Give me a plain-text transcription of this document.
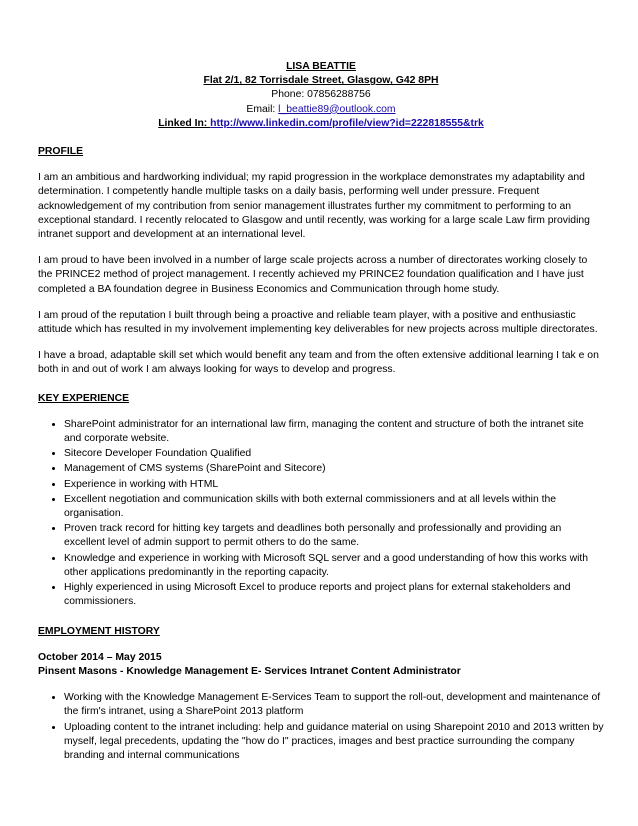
LISA BEATTIE
Flat 2/1, 82 Torrisdale Street, Glasgow, G42 8PH
Phone: 07856288756
Email: l_beattie89@outlook.com
Linked In: http://www.linkedin.com/profile/view?id=222818555&trk

PROFILE

I am an ambitious and hardworking individual; my rapid progression in the workplace demonstrates my adaptability and determination. I competently handle multiple tasks on a daily basis, performing well under pressure. Frequent acknowledgement of my contribution from senior management illustrates further my commitment to performing to an exceptional standard. I recently relocated to Glasgow and until recently, was working for a large scale Law firm providing intranet support and development at an international level.

I am proud to have been involved in a number of large scale projects across a number of directorates working closely to the PRINCE2 method of project management. I recently achieved my PRINCE2 foundation qualification and I have just completed a BA foundation degree in Business Economics and Communication through home study.

I am proud of the reputation I built through being a proactive and reliable team player, with a positive and enthusiastic attitude which has resulted in my involvement implementing key deliverables for new projects across multiple directorates.

I have a broad, adaptable skill set which would benefit any team and from the often extensive additional learning I tak e on both in and out of work I am always looking for ways to develop and progress.

KEY EXPERIENCE

• SharePoint administrator for an international law firm, managing the content and structure of both the intranet site and corporate website.
• Sitecore Developer Foundation Qualified
• Management of CMS systems (SharePoint and Sitecore)
• Experience in working with HTML
• Excellent negotiation and communication skills with both external commissioners and at all levels within the organisation.
• Proven track record for hitting key targets and deadlines both personally and professionally and providing an excellent level of admin support to permit others to do the same.
• Knowledge and experience in working with Microsoft SQL server and a good understanding of how this works with other applications predominantly in the reporting capacity.
• Highly experienced in using Microsoft Excel to produce reports and project plans for external stakeholders and commissioners.

EMPLOYMENT HISTORY

October 2014 – May 2015

Pinsent Masons - Knowledge Management E- Services Intranet Content Administrator

• Working with the Knowledge Management E-Services Team to support the roll-out, development and maintenance of the firm's intranet, using a SharePoint 2013 platform
• Uploading content to the intranet including: help and guidance material on using Sharepoint 2010 and 2013 written by myself, legal precedents, updating the "how do I" practices, images and best practice surrounding the company branding and internal communications
